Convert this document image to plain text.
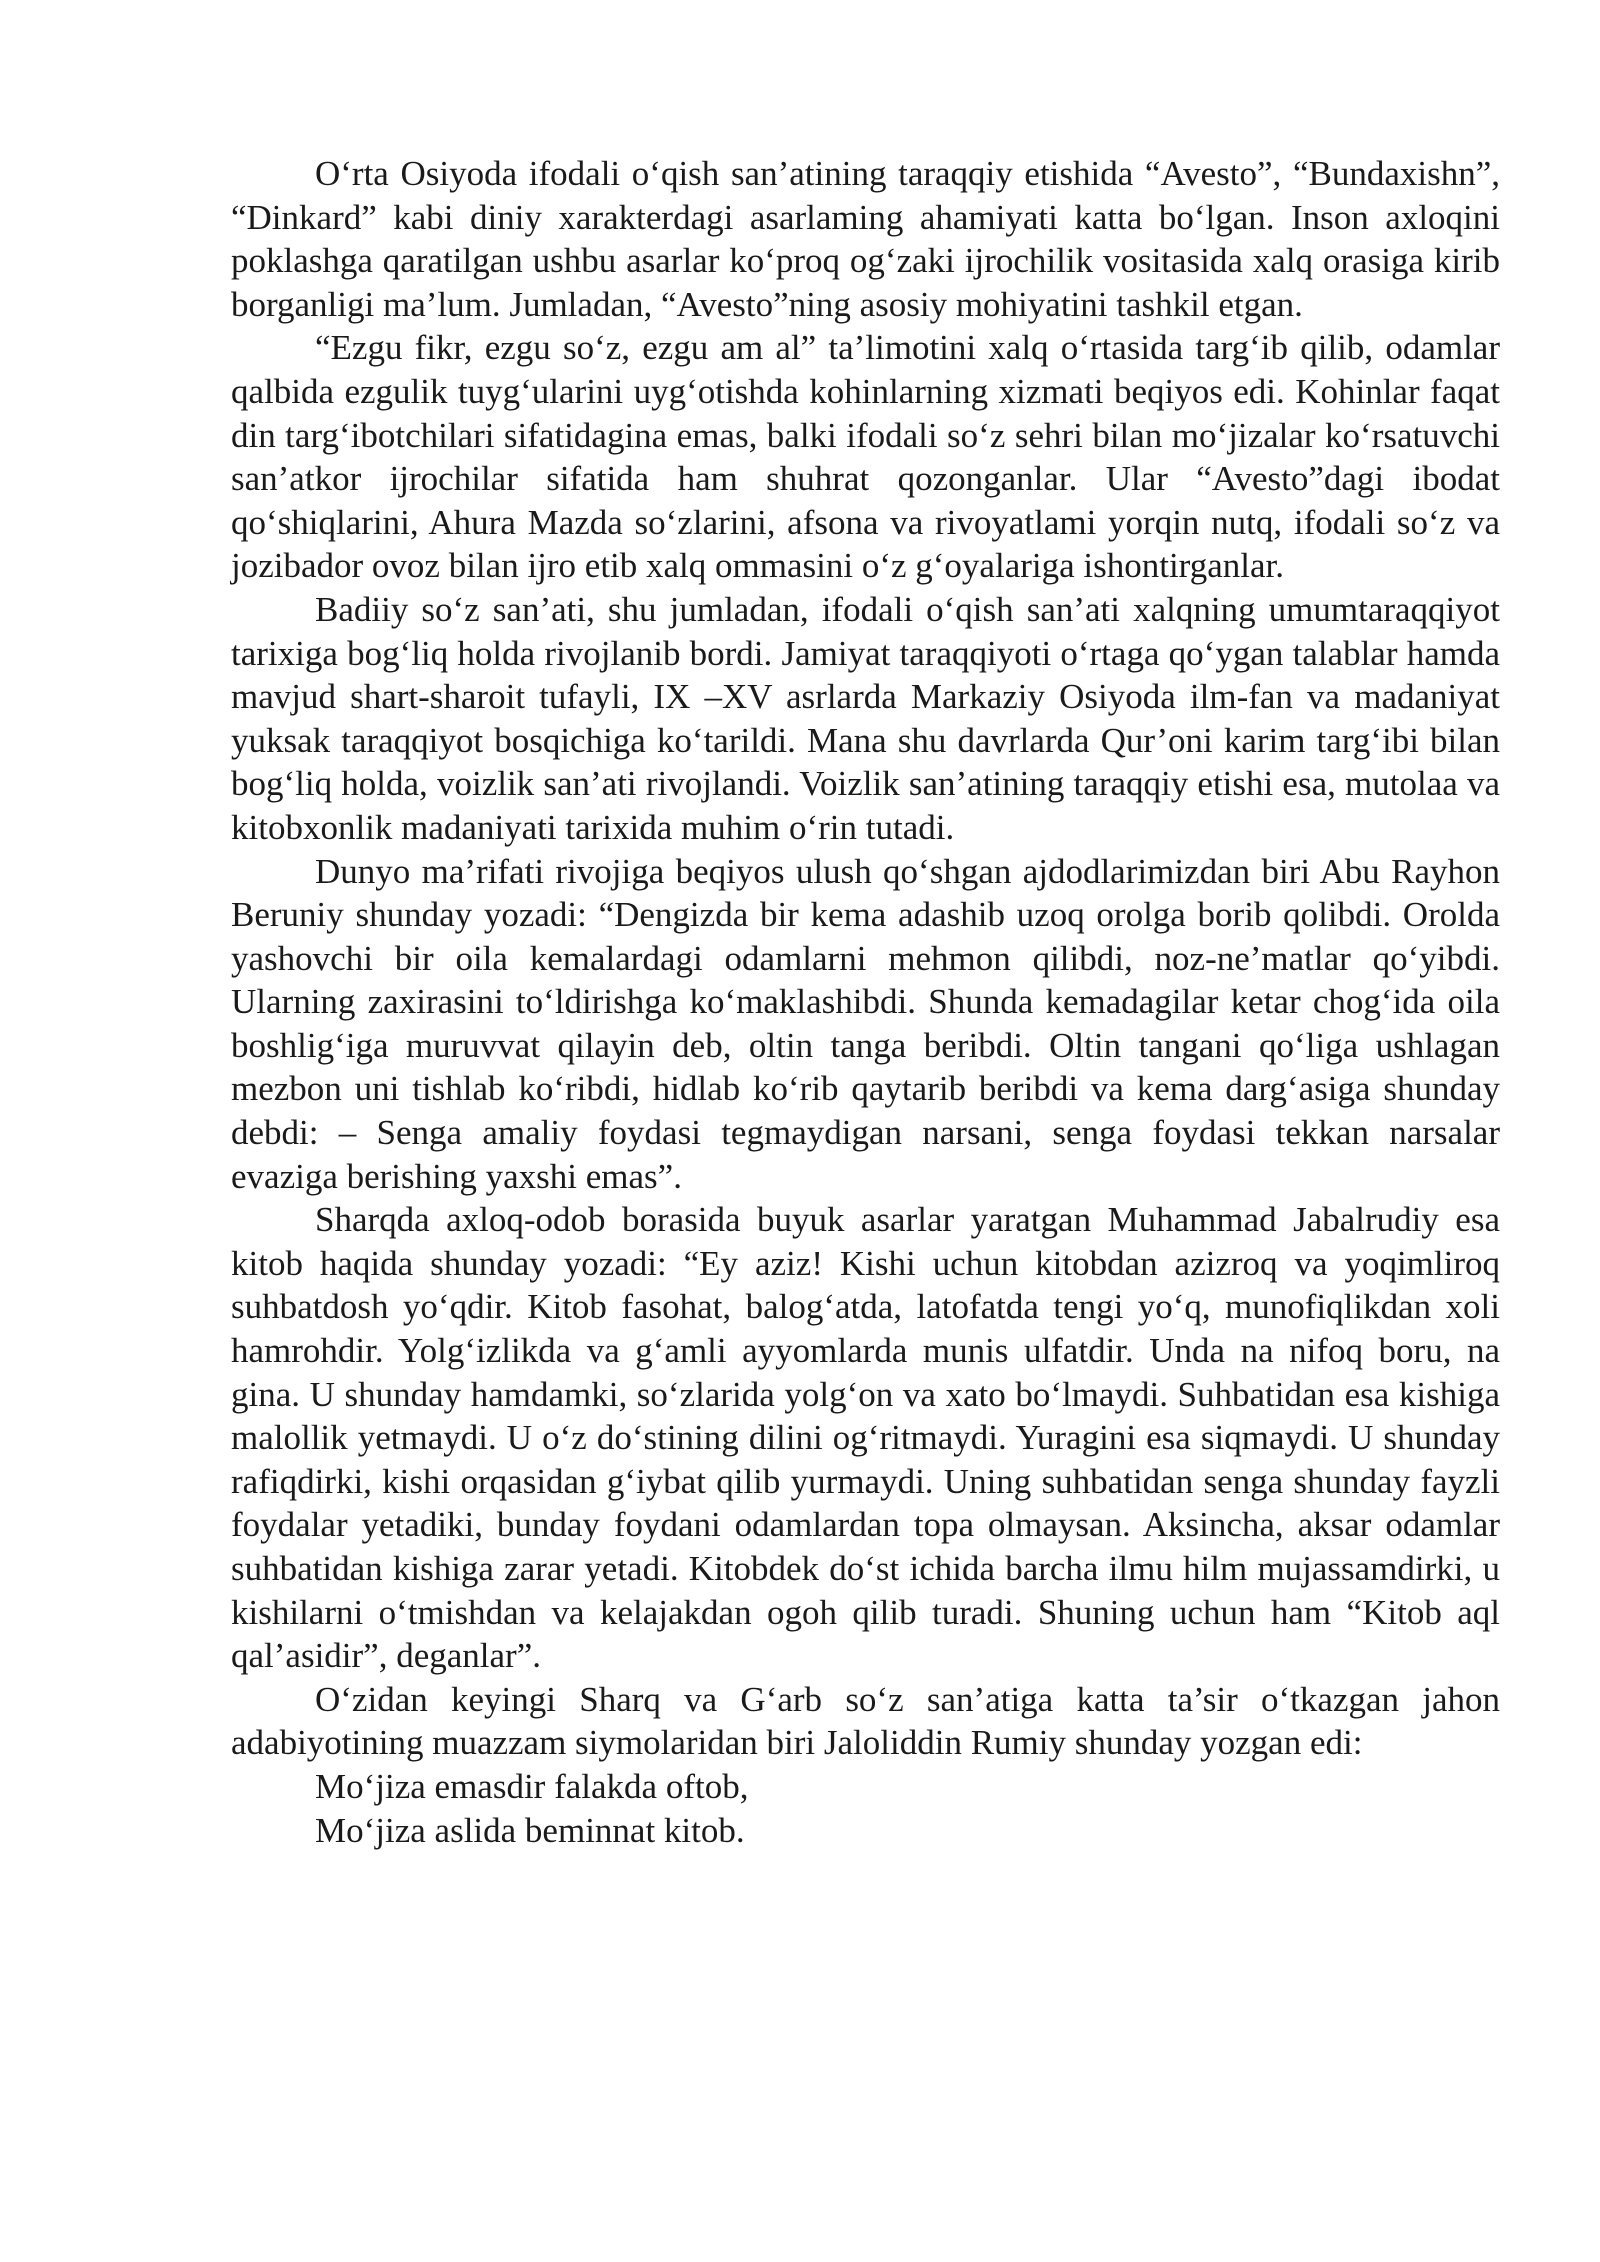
O‘rta Osiyoda ifodali o‘qish san’atining taraqqiy etishida “Avesto”, “Bundaxishn”, “Dinkard” kabi diniy xarakterdagi asarlaming ahamiyati katta bo‘lgan. Inson axloqini poklashga qaratilgan ushbu asarlar ko‘proq og‘zaki ijrochilik vositasida xalq orasiga kirib borganligi ma’lum. Jumladan, “Avesto”ning asosiy mohiyatini tashkil etgan.

“Ezgu fikr, ezgu so‘z, ezgu am al” ta’limotini xalq o‘rtasida targ‘ib qilib, odamlar qalbida ezgulik tuyg‘ularini uyg‘otishda kohinlarning xizmati beqiyos edi. Kohinlar faqat din targ‘ibotchilari sifatidagina emas, balki ifodali so‘z sehri bilan mo‘jizalar ko‘rsatuvchi san’atkor ijrochilar sifatida ham shuhrat qozonganlar. Ular “Avesto”dagi ibodat qo‘shiqlarini, Ahura Mazda so‘zlarini, afsona va rivoyatlami yorqin nutq, ifodali so‘z va jozibador ovoz bilan ijro etib xalq ommasini o‘z g‘oyalariga ishontirganlar.

Badiiy so‘z san’ati, shu jumladan, ifodali o‘qish san’ati xalqning umumtaraqqiyot tarixiga bog‘liq holda rivojlanib bordi. Jamiyat taraqqiyoti o‘rtaga qo‘ygan talablar hamda mavjud shart-sharoit tufayli, IX –XV asrlarda Markaziy Osiyoda ilm-fan va madaniyat yuksak taraqqiyot bosqichiga ko‘tarildi. Mana shu davrlarda Qur’oni karim targ‘ibi bilan bog‘liq holda, voizlik san’ati rivojlandi. Voizlik san’atining taraqqiy etishi esa, mutolaa va kitobxonlik madaniyati tarixida muhim o‘rin tutadi.

Dunyo ma’rifati rivojiga beqiyos ulush qo‘shgan ajdodlarimizdan biri Abu Rayhon Beruniy shunday yozadi: “Dengizda bir kema adashib uzoq orolga borib qolibdi. Orolda yashovchi bir oila kemalardagi odamlarni mehmon qilibdi, noz-ne’matlar qo‘yibdi. Ularning zaxirasini to‘ldirishga ko‘maklashibdi. Shunda kemadagilar ketar chog‘ida oila boshlig‘iga muruvvat qilayin deb, oltin tanga beribdi. Oltin tangani qo‘liga ushlagan mezbon uni tishlab ko‘ribdi, hidlab ko‘rib qaytarib beribdi va kema darg‘asiga shunday debdi: – Senga amaliy foydasi tegmaydigan narsani, senga foydasi tekkan narsalar evaziga berishing yaxshi emas”.

Sharqda axloq-odob borasida buyuk asarlar yaratgan Muhammad Jabalrudiy esa kitob haqida shunday yozadi: “Ey aziz! Kishi uchun kitobdan azizroq va yoqimliroq suhbatdosh yo‘qdir. Kitob fasohat, balog‘atda, latofatda tengi yo‘q, munofiqlikdan xoli hamrohdir. Yolg‘izlikda va g‘amli ayyomlarda munis ulfatdir. Unda na nifoq boru, na gina. U shunday hamdamki, so‘zlarida yolg‘on va xato bo‘lmaydi. Suhbatidan esa kishiga malollik yetmaydi. U o‘z do‘stining dilini og‘ritmaydi. Yuragini esa siqmaydi. U shunday rafiqdirki, kishi orqasidan g‘iybat qilib yurmaydi. Uning suhbatidan senga shunday fayzli foydalar yetadiki, bunday foydani odamlardan topa olmaysan. Aksincha, aksar odamlar suhbatidan kishiga zarar yetadi. Kitobdek do‘st ichida barcha ilmu hilm mujassamdirki, u kishilarni o‘tmishdan va kelajakdan ogoh qilib turadi. Shuning uchun ham “Kitob aql qal’asidir”, deganlar”.

O‘zidan keyingi Sharq va G‘arb so‘z san’atiga katta ta’sir o‘tkazgan jahon adabiyotining muazzam siymolaridan biri Jaloliddin Rumiy shunday yozgan edi:

Mo‘jiza emasdir falakda oftob,
Mo‘jiza aslida beminnat kitob.
